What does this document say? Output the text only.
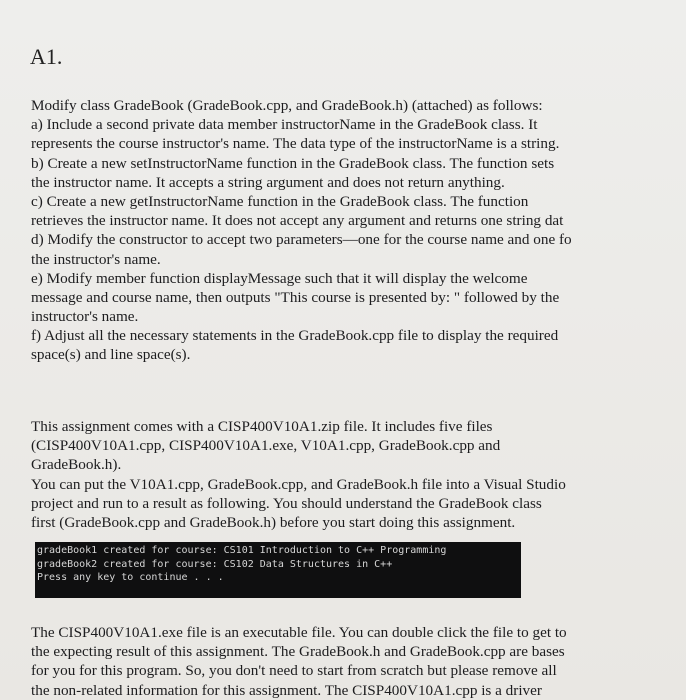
A1.
Modify class GradeBook (GradeBook.cpp, and GradeBook.h) (attached) as follows:
a) Include a second private data member instructorName in the GradeBook class. It
represents the course instructor's name. The data type of the instructorName is a string.
b) Create a new setInstructorName function in the GradeBook class. The function sets
the instructor name. It accepts a string argument and does not return anything.
c) Create a new getInstructorName function in the GradeBook class. The function
retrieves the instructor name. It does not accept any argument and returns one string dat
d) Modify the constructor to accept two parameters—one for the course name and one fo
the instructor's name.
e) Modify member function displayMessage such that it will display the welcome
message and course name, then outputs "This course is presented by: " followed by the
instructor's name.
f) Adjust all the necessary statements in the GradeBook.cpp file to display the required
space(s) and line space(s).
This assignment comes with a CISP400V10A1.zip file. It includes five files
(CISP400V10A1.cpp, CISP400V10A1.exe, V10A1.cpp, GradeBook.cpp and
GradeBook.h).
You can put the V10A1.cpp, GradeBook.cpp, and GradeBook.h file into a Visual Studio
project and run to a result as following. You should understand the GradeBook class
first (GradeBook.cpp and GradeBook.h) before you start doing this assignment.
gradeBook1 created for course: CS101 Introduction to C++ Programming
gradeBook2 created for course: CS102 Data Structures in C++
Press any key to continue . . .
The CISP400V10A1.exe file is an executable file. You can double click the file to get to
the expecting result of this assignment. The GradeBook.h and GradeBook.cpp are bases
for you for this program. So, you don't need to start from scratch but please remove all
the non-related information for this assignment. The CISP400V10A1.cpp is a driver
